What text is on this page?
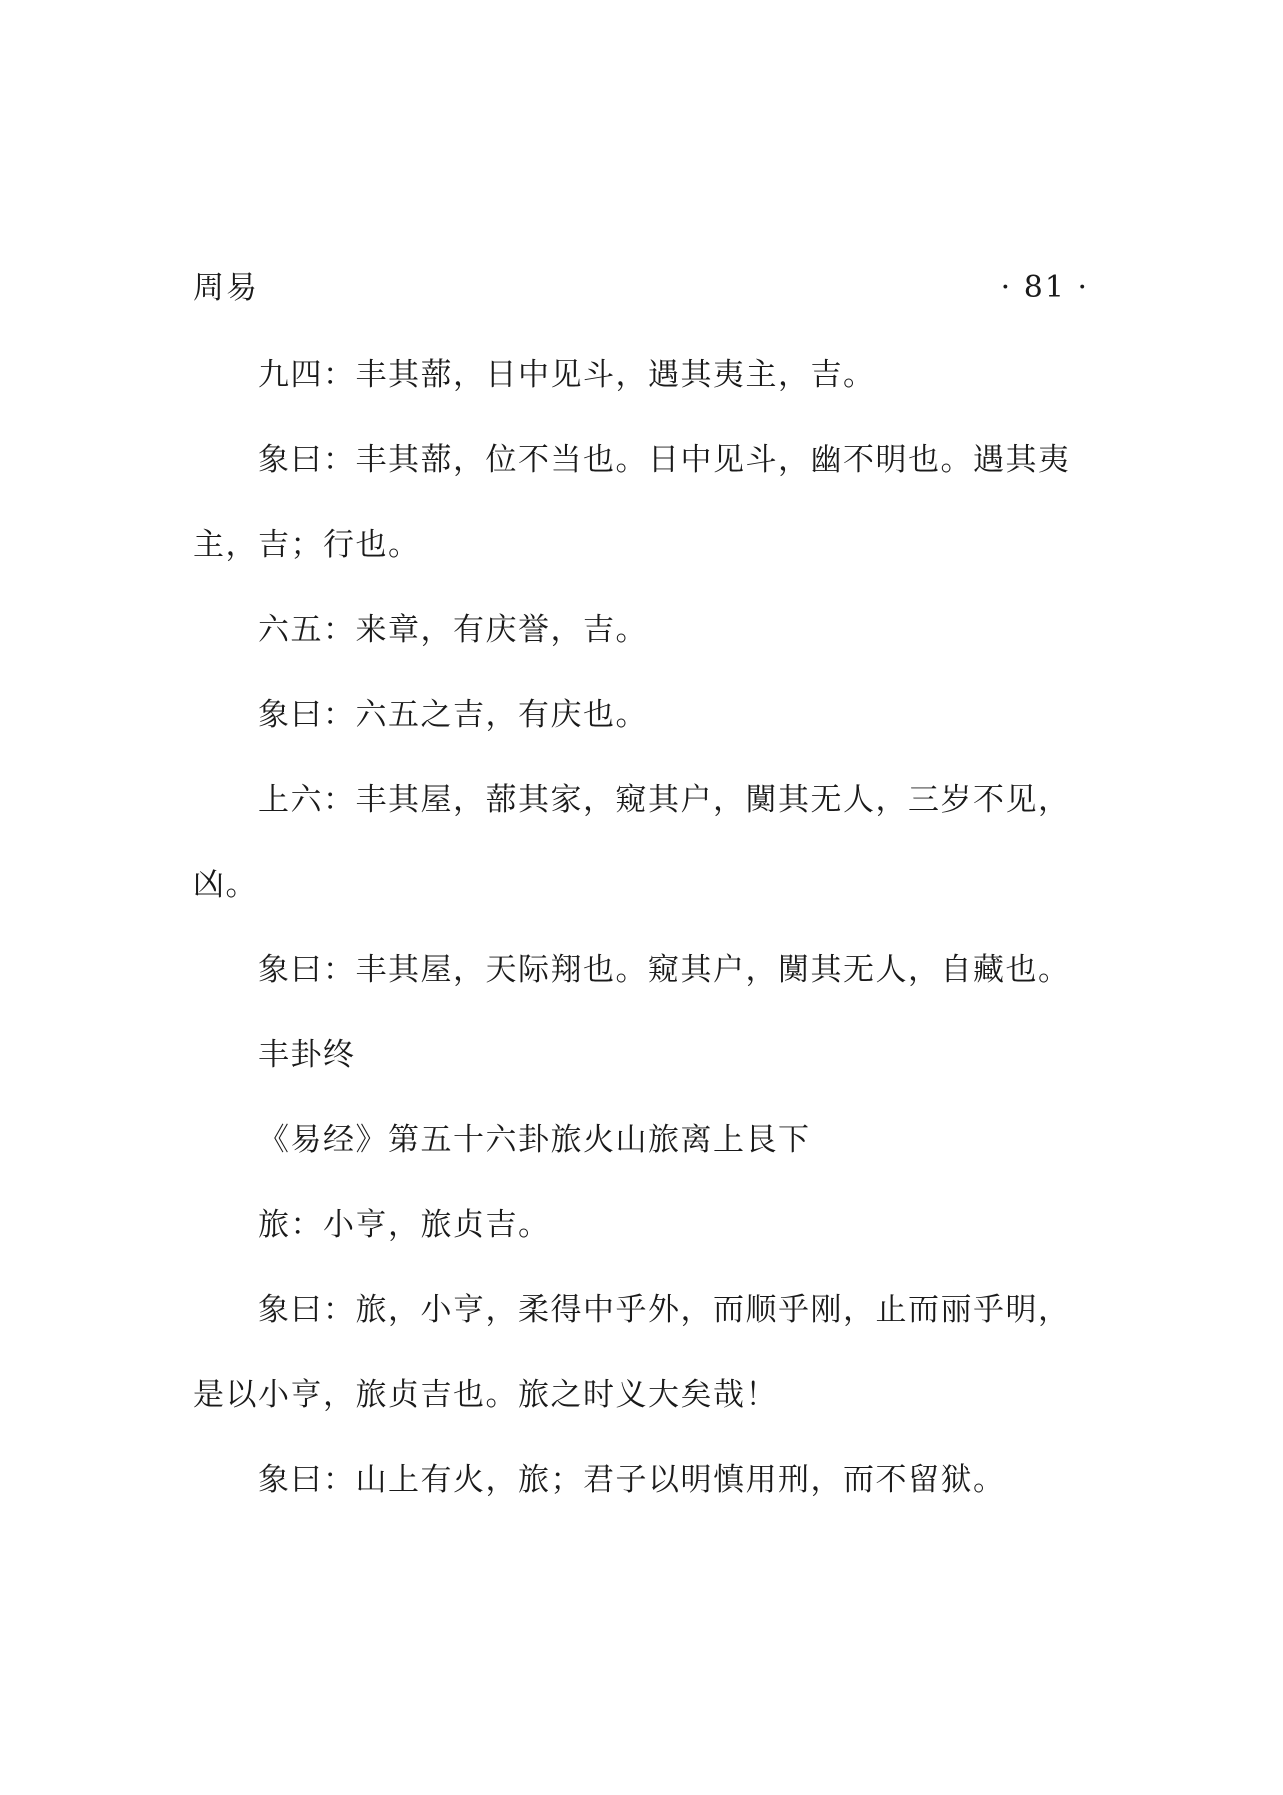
周易	· 81 ·
九四：丰其蔀，日中见斗，遇其夷主，吉。
象曰：丰其蔀，位不当也。日中见斗，幽不明也。遇其夷
主，吉；行也。
六五：来章，有庆誉，吉。
象曰：六五之吉，有庆也。
上六：丰其屋，蔀其家，窥其户，闃其无人，三岁不见，
凶。
象曰：丰其屋，天际翔也。窥其户，闃其无人，自藏也。
丰卦终
《易经》第五十六卦旅火山旅离上艮下
旅：小亨，旅贞吉。
象曰：旅，小亨，柔得中乎外，而顺乎刚，止而丽乎明，
是以小亨，旅贞吉也。旅之时义大矣哉！
象曰：山上有火，旅；君子以明慎用刑，而不留狱。
